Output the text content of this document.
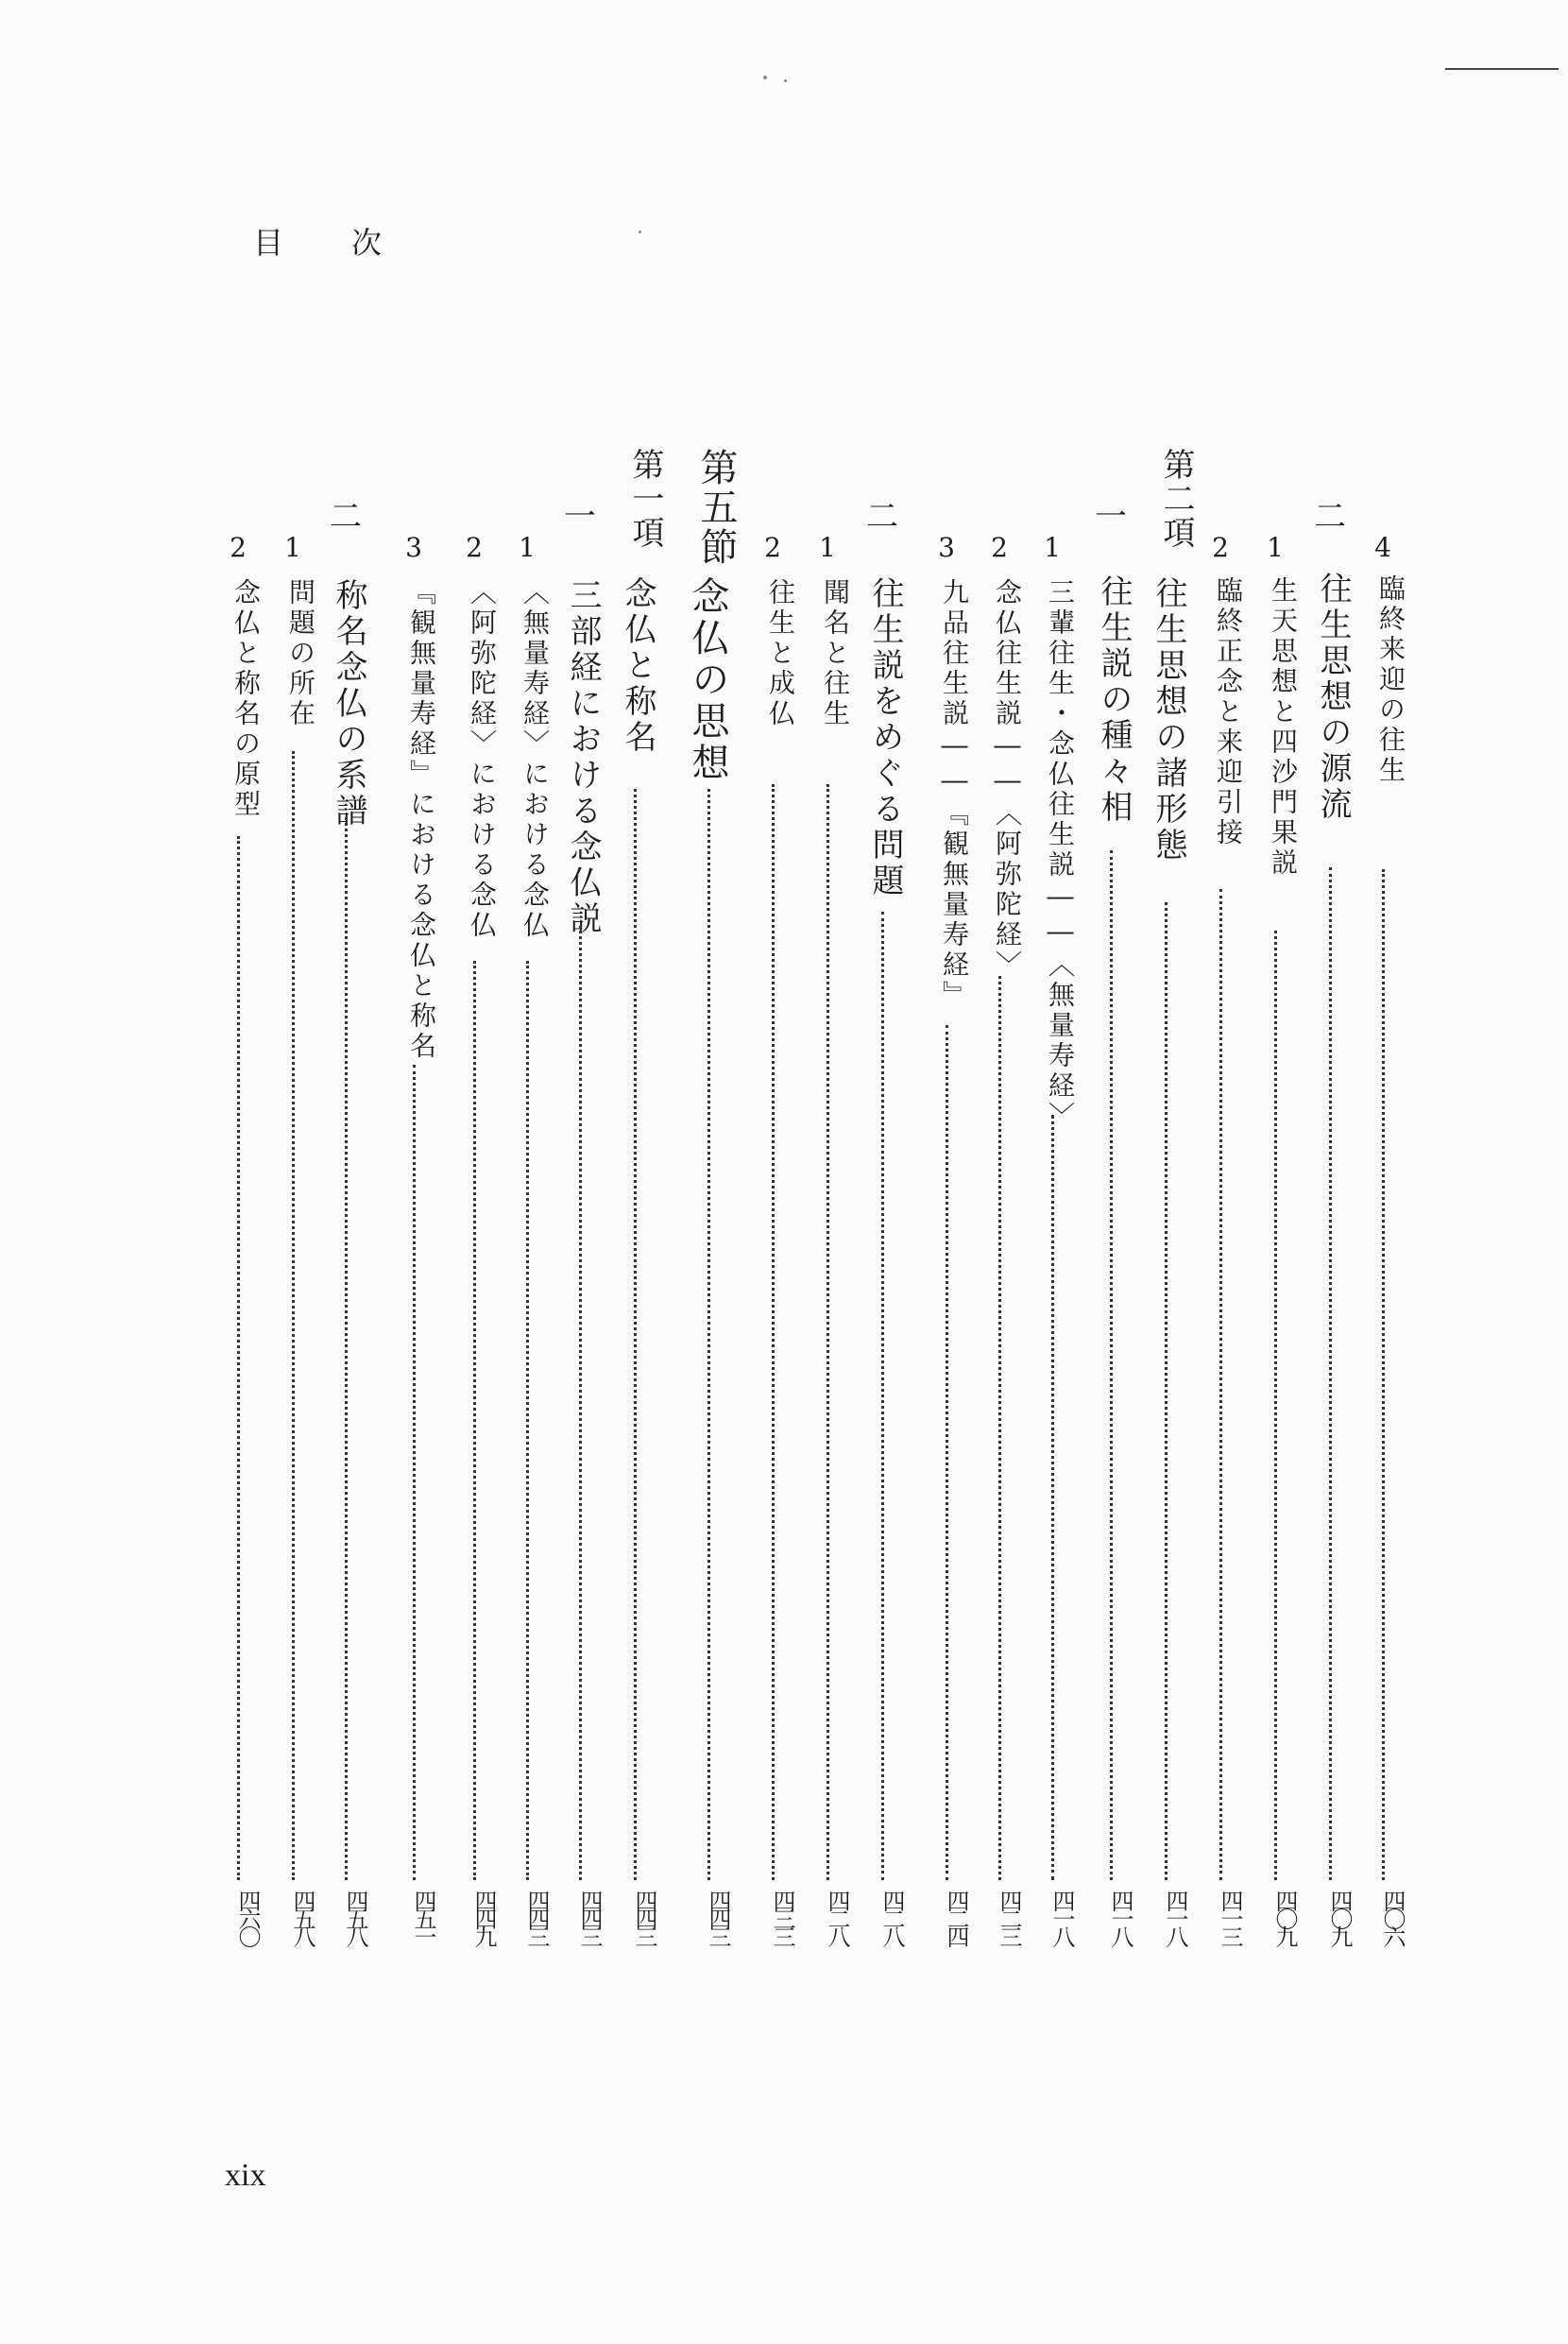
目次
4
臨終来迎の往生
四〇六
二
往生思想の源流
四〇九
1
生天思想と四沙門果説
四〇九
2
臨終正念と来迎引接
四一三
第二項
往生思想の諸形態
四一八
一
往生説の種々相
四一八
1
三輩往生・念仏往生説――〈無量寿経〉
四一八
2
念仏往生説――〈阿弥陀経〉
四二三
3
九品往生説――『観無量寿経』
四二四
二
往生説をめぐる問題
四二八
1
聞名と往生
四二八
2
往生と成仏
四三三
第五節
念仏の思想
四四三
第一項
念仏と称名
四四三
一
三部経における念仏説
四四三
1
〈無量寿経〉における念仏
四四三
2
〈阿弥陀経〉における念仏
四四九
3
『観無量寿経』における念仏と称名
四五一
二
称名念仏の系譜
四五八
1
問題の所在
四五八
2
念仏と称名の原型
四六〇
xix
